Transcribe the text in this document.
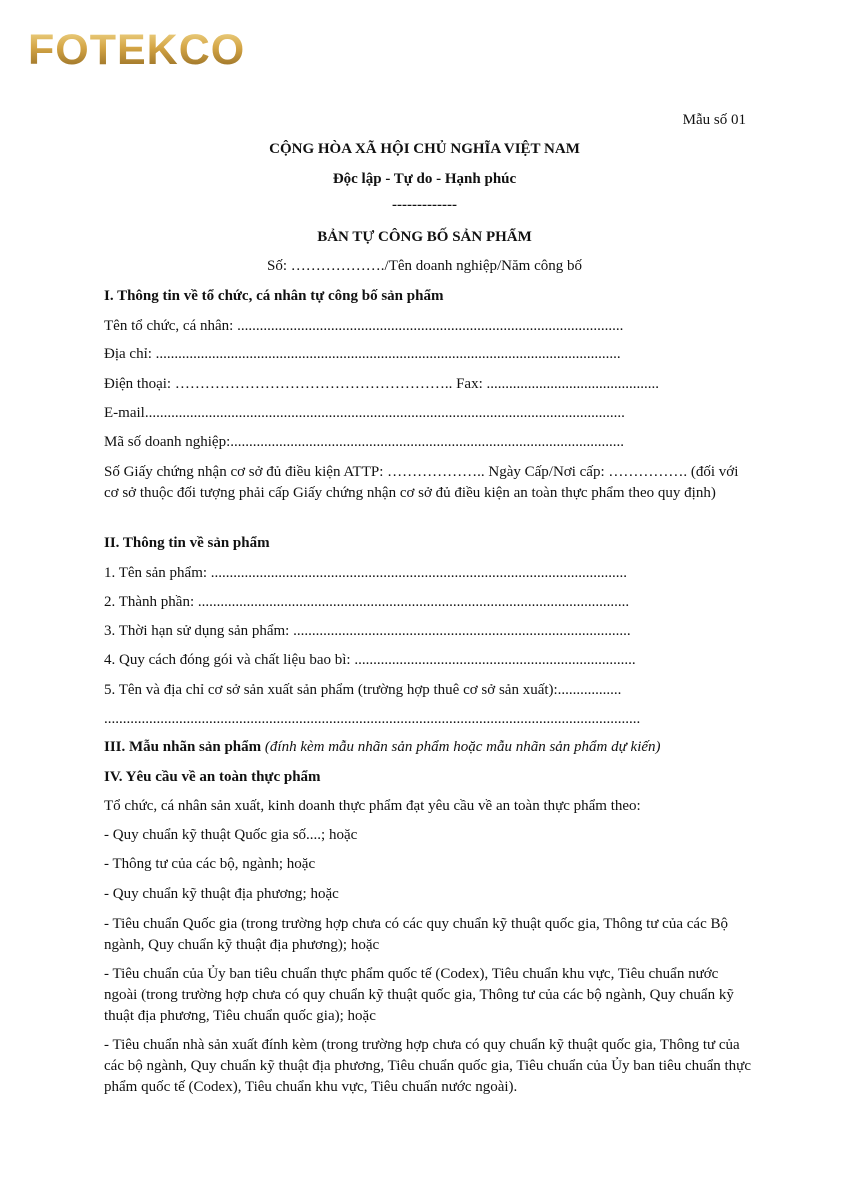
FOTEKCO
Mẫu số 01
CỘNG HÒA XÃ HỘI CHỦ NGHĨA VIỆT NAM
Độc lập - Tự do - Hạnh phúc
-------------
BẢN TỰ CÔNG BỐ SẢN PHẨM
Số: ………………./Tên doanh nghiệp/Năm công bố
I. Thông tin về tổ chức, cá nhân tự công bố sản phẩm
Tên tổ chức, cá nhân: .......................................................................................................
Địa chỉ: ............................................................................................................................
Điện thoại: ……………………………………………….. Fax: ..............................................
E-mail................................................................................................................................
Mã số doanh nghiệp:.........................................................................................................
Số Giấy chứng nhận cơ sở đủ điều kiện ATTP: ……………….. Ngày Cấp/Nơi cấp: ……………. (đối với cơ sở thuộc đối tượng phải cấp Giấy chứng nhận cơ sở đủ điều kiện an toàn thực phẩm theo quy định)
II. Thông tin về sản phẩm
1. Tên sản phẩm: ...............................................................................................................
2. Thành phần: ...................................................................................................................
3. Thời hạn sử dụng sản phẩm: ..........................................................................................
4. Quy cách đóng gói và chất liệu bao bì: ...........................................................................
5. Tên và địa chỉ cơ sở sản xuất sản phẩm (trường hợp thuê cơ sở sản xuất):.................
...............................................................................................................................................
III. Mẫu nhãn sản phẩm (đính kèm mẫu nhãn sản phẩm hoặc mẫu nhãn sản phẩm dự kiến)
IV. Yêu cầu về an toàn thực phẩm
Tổ chức, cá nhân sản xuất, kinh doanh thực phẩm đạt yêu cầu về an toàn thực phẩm theo:
- Quy chuẩn kỹ thuật Quốc gia số....; hoặc
- Thông tư của các bộ, ngành; hoặc
- Quy chuẩn kỹ thuật địa phương; hoặc
- Tiêu chuẩn Quốc gia (trong trường hợp chưa có các quy chuẩn kỹ thuật quốc gia, Thông tư của các Bộ ngành, Quy chuẩn kỹ thuật địa phương); hoặc
- Tiêu chuẩn của Ủy ban tiêu chuẩn thực phẩm quốc tế (Codex), Tiêu chuẩn khu vực, Tiêu chuẩn nước ngoài (trong trường hợp chưa có quy chuẩn kỹ thuật quốc gia, Thông tư của các bộ ngành, Quy chuẩn kỹ thuật địa phương, Tiêu chuẩn quốc gia); hoặc
- Tiêu chuẩn nhà sản xuất đính kèm (trong trường hợp chưa có quy chuẩn kỹ thuật quốc gia, Thông tư của các bộ ngành, Quy chuẩn kỹ thuật địa phương, Tiêu chuẩn quốc gia, Tiêu chuẩn của Ủy ban tiêu chuẩn thực phẩm quốc tế (Codex), Tiêu chuẩn khu vực, Tiêu chuẩn nước ngoài).
